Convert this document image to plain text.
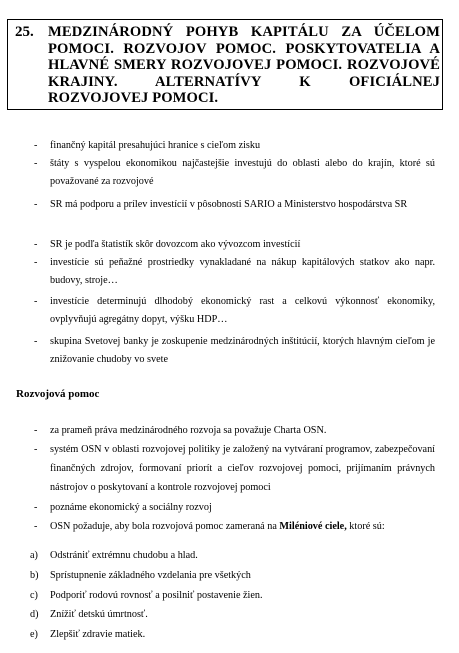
25. MEDZINÁRODNÝ POHYB KAPITÁLU ZA ÚČELOM POMOCI. ROZVOJOV POMOC. POSKYTOVATELIA A HLAVNÉ SMERY ROZVOJOVEJ POMOCI. ROZVOJOVÉ KRAJINY. ALTERNATÍVY K OFICIÁLNEJ ROZVOJOVEJ POMOCI.
- finančný kapitál presahujúci hranice s cieľom zisku
- štáty s vyspelou ekonomikou najčastejšie investujú do oblasti alebo do krajín, ktoré sú považované za rozvojové
- SR má podporu a prílev investícií v pôsobnosti SARIO a Ministerstvo hospodárstva SR
- SR je podľa štatistík skôr dovozcom ako vývozcom investícií
- investície sú peňažné prostriedky vynakladané na nákup kapitálových statkov ako napr. budovy, stroje…
- investície determinujú dlhodobý ekonomický rast a celkovú výkonnosť ekonomiky, ovplyvňujú agregátny dopyt, výšku HDP…
- skupina Svetovej banky je zoskupenie medzinárodných inštitúcií, ktorých hlavným cieľom je znižovanie chudoby vo svete
Rozvojová pomoc
- za prameň práva medzinárodného rozvoja sa považuje Charta OSN.
- systém OSN v oblasti rozvojovej politiky je založený na vytváraní programov, zabezpečovaní finančných zdrojov, formovaní priorít a cieľov rozvojovej pomoci, prijímaním právnych nástrojov o poskytovaní a kontrole rozvojovej pomoci
- poznáme ekonomický a sociálny rozvoj
- OSN požaduje, aby bola rozvojová pomoc zameraná na Miléniové ciele, ktoré sú:
a) Odstrániť extrémnu chudobu a hlad.
b) Sprístupnenie základného vzdelania pre všetkých
c) Podporiť rodovú rovnosť a posilniť postavenie žien.
d) Znížiť detskú úmrtnosť.
e) Zlepšiť zdravie matiek.
